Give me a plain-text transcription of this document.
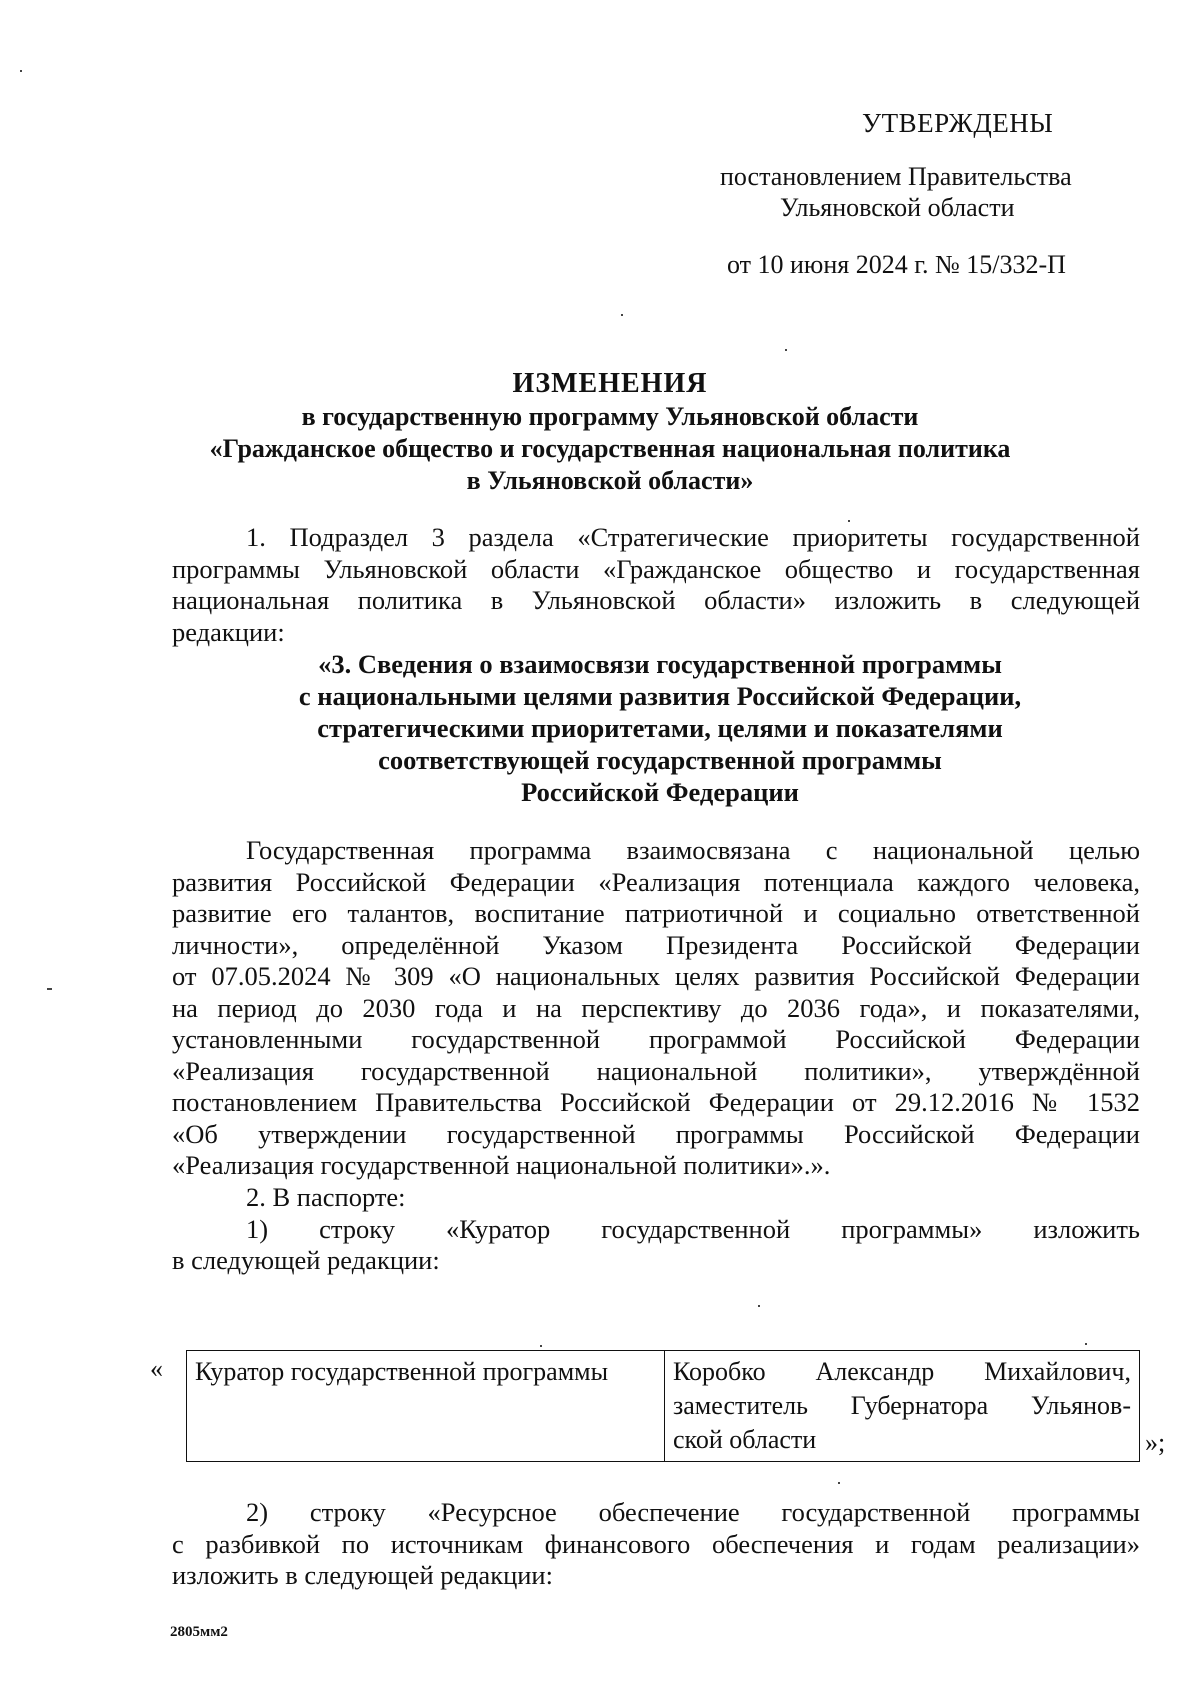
УТВЕРЖДЕНЫ
постановлением Правительства
Ульяновской области
от 10 июня 2024 г. № 15/332-П
ИЗМЕНЕНИЯ
в государственную программу Ульяновской области
«Гражданское общество и государственная национальная политика
в Ульяновской области»
1. Подраздел 3 раздела «Стратегические приоритеты государственной
программы Ульяновской области «Гражданское общество и государственная
национальная политика в Ульяновской области» изложить в следующей
редакции:
«3. Сведения о взаимосвязи государственной программы
с национальными целями развития Российской Федерации,
стратегическими приоритетами, целями и показателями
соответствующей государственной программы
Российской Федерации
Государственная программа взаимосвязана с национальной целью
развития Российской Федерации «Реализация потенциала каждого человека,
развитие его талантов, воспитание патриотичной и социально ответственной
личности», определённой Указом Президента Российской Федерации
от 07.05.2024 № 309 «О национальных целях развития Российской Федерации
на период до 2030 года и на перспективу до 2036 года», и показателями,
установленными государственной программой Российской Федерации
«Реализация государственной национальной политики», утверждённой
постановлением Правительства Российской Федерации от 29.12.2016 № 1532
«Об утверждении государственной программы Российской Федерации
«Реализация государственной национальной политики».».
2. В паспорте:
1) строку «Куратор государственной программы» изложить
в следующей редакции:
«	Куратор государственной программы	Коробко Александр Михайлович,
заместитель Губернатора Ульянов-
ской области	»;
2) строку «Ресурсное обеспечение государственной программы
с разбивкой по источникам финансового обеспечения и годам реализации»
изложить в следующей редакции:
2805мм2
